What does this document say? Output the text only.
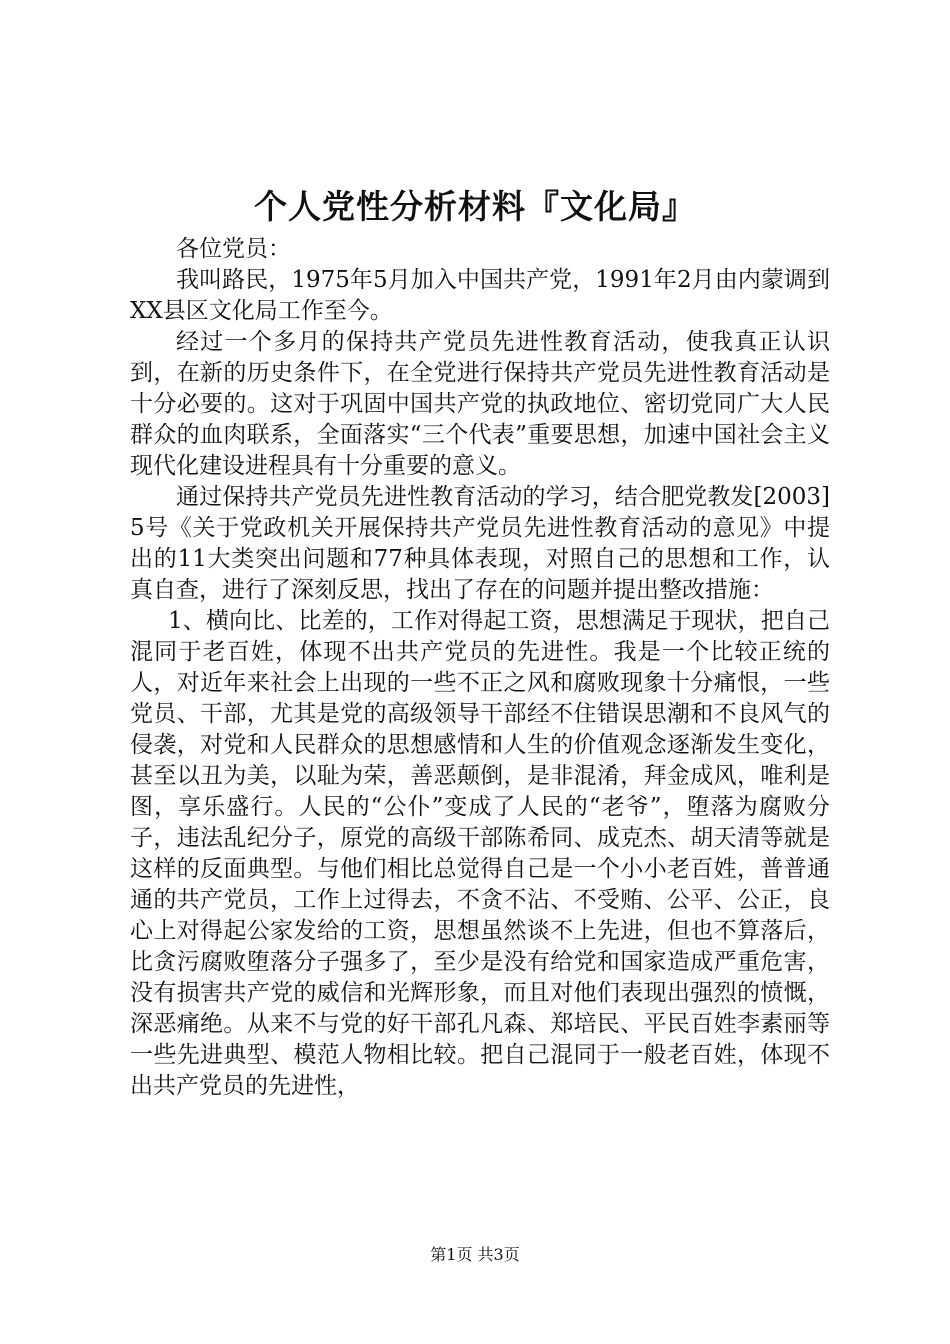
个人党性分析材料『文化局』

各位党员：

我叫路民，1975年5月加入中国共产党，1991年2月由内蒙调到XX县区文化局工作至今。

经过一个多月的保持共产党员先进性教育活动，使我真正认识到，在新的历史条件下，在全党进行保持共产党员先进性教育活动是十分必要的。这对于巩固中国共产党的执政地位、密切党同广大人民群众的血肉联系，全面落实“三个代表”重要思想，加速中国社会主义现代化建设进程具有十分重要的意义。

通过保持共产党员先进性教育活动的学习，结合肥党教发[2003]5号《关于党政机关开展保持共产党员先进性教育活动的意见》中提出的11大类突出问题和77种具体表现，对照自己的思想和工作，认真自查，进行了深刻反思，找出了存在的问题并提出整改措施：

1、横向比、比差的，工作对得起工资，思想满足于现状，把自己混同于老百姓，体现不出共产党员的先进性。我是一个比较正统的人，对近年来社会上出现的一些不正之风和腐败现象十分痛恨，一些党员、干部，尤其是党的高级领导干部经不住错误思潮和不良风气的侵袭，对党和人民群众的思想感情和人生的价值观念逐渐发生变化，甚至以丑为美，以耻为荣，善恶颠倒，是非混淆，拜金成风，唯利是图，享乐盛行。人民的“公仆”变成了人民的“老爷”，堕落为腐败分子，违法乱纪分子，原党的高级干部陈希同、成克杰、胡天清等就是这样的反面典型。与他们相比总觉得自己是一个小小老百姓，普普通通的共产党员，工作上过得去，不贪不沾、不受贿、公平、公正，良心上对得起公家发给的工资，思想虽然谈不上先进，但也不算落后，比贪污腐败堕落分子强多了，至少是没有给党和国家造成严重危害，没有损害共产党的威信和光辉形象，而且对他们表现出强烈的愤慨，深恶痛绝。从来不与党的好干部孔凡森、郑培民、平民百姓李素丽等一些先进典型、模范人物相比较。把自己混同于一般老百姓，体现不出共产党员的先进性，

第1页 共3页
